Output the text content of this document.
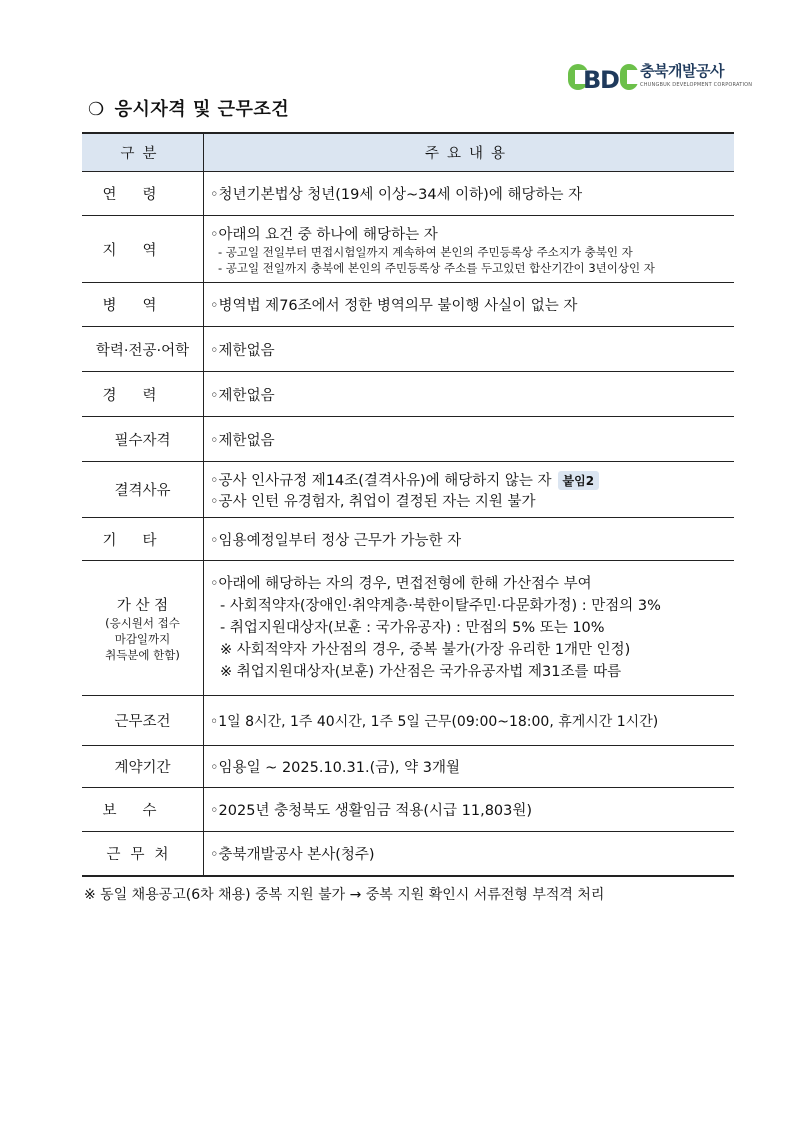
B
D 충북개발공사
CHUNGBUK DEVELOPMENT CORPORATION
❍ 응시자격 및 근무조건
구분	주요내용
연령	◦청년기본법상 청년(19세 이상~34세 이하)에 해당하는 자

지역	◦아래의 요건 중 하나에 해당하는 자
- 공고일 전일부터 면접시험일까지 계속하여 본인의 주민등록상 주소지가 충북인 자
- 공고일 전일까지 충북에 본인의 주민등록상 주소를 두고있던 합산기간이 3년이상인 자

병역	◦병역법 제76조에서 정한 병역의무 불이행 사실이 없는 자

학력·전공·어학	◦제한없음

경력	◦제한없음

필수자격	◦제한없음

결격사유	◦공사 인사규정 제14조(결격사유)에 해당하지 않는 자 붙임2
◦공사 인턴 유경험자, 취업이 결정된 자는 지원 불가

기타	◦임용예정일부터 정상 근무가 가능한 자

가 산 점
(응시원서 접수
마감일까지
취득분에 한함)	◦아래에 해당하는 자의 경우, 면접전형에 한해 가산점수 부여
- 사회적약자(장애인·취약계층·북한이탈주민·다문화가정) : 만점의 3%
- 취업지원대상자(보훈 : 국가유공자) : 만점의 5% 또는 10%
※ 사회적약자 가산점의 경우, 중복 불가(가장 유리한 1개만 인정)
※ 취업지원대상자(보훈) 가산점은 국가유공자법 제31조를 따름

근무조건	◦1일 8시간, 1주 40시간, 1주 5일 근무(09:00~18:00, 휴게시간 1시간)

계약기간	◦임용일 ~ 2025.10.31.(금), 약 3개월

보수	◦2025년 충청북도 생활임금 적용(시급 11,803원)

근무처	◦충북개발공사 본사(청주)
※ 동일 채용공고(6차 채용) 중복 지원 불가 → 중복 지원 확인시 서류전형 부적격 처리
